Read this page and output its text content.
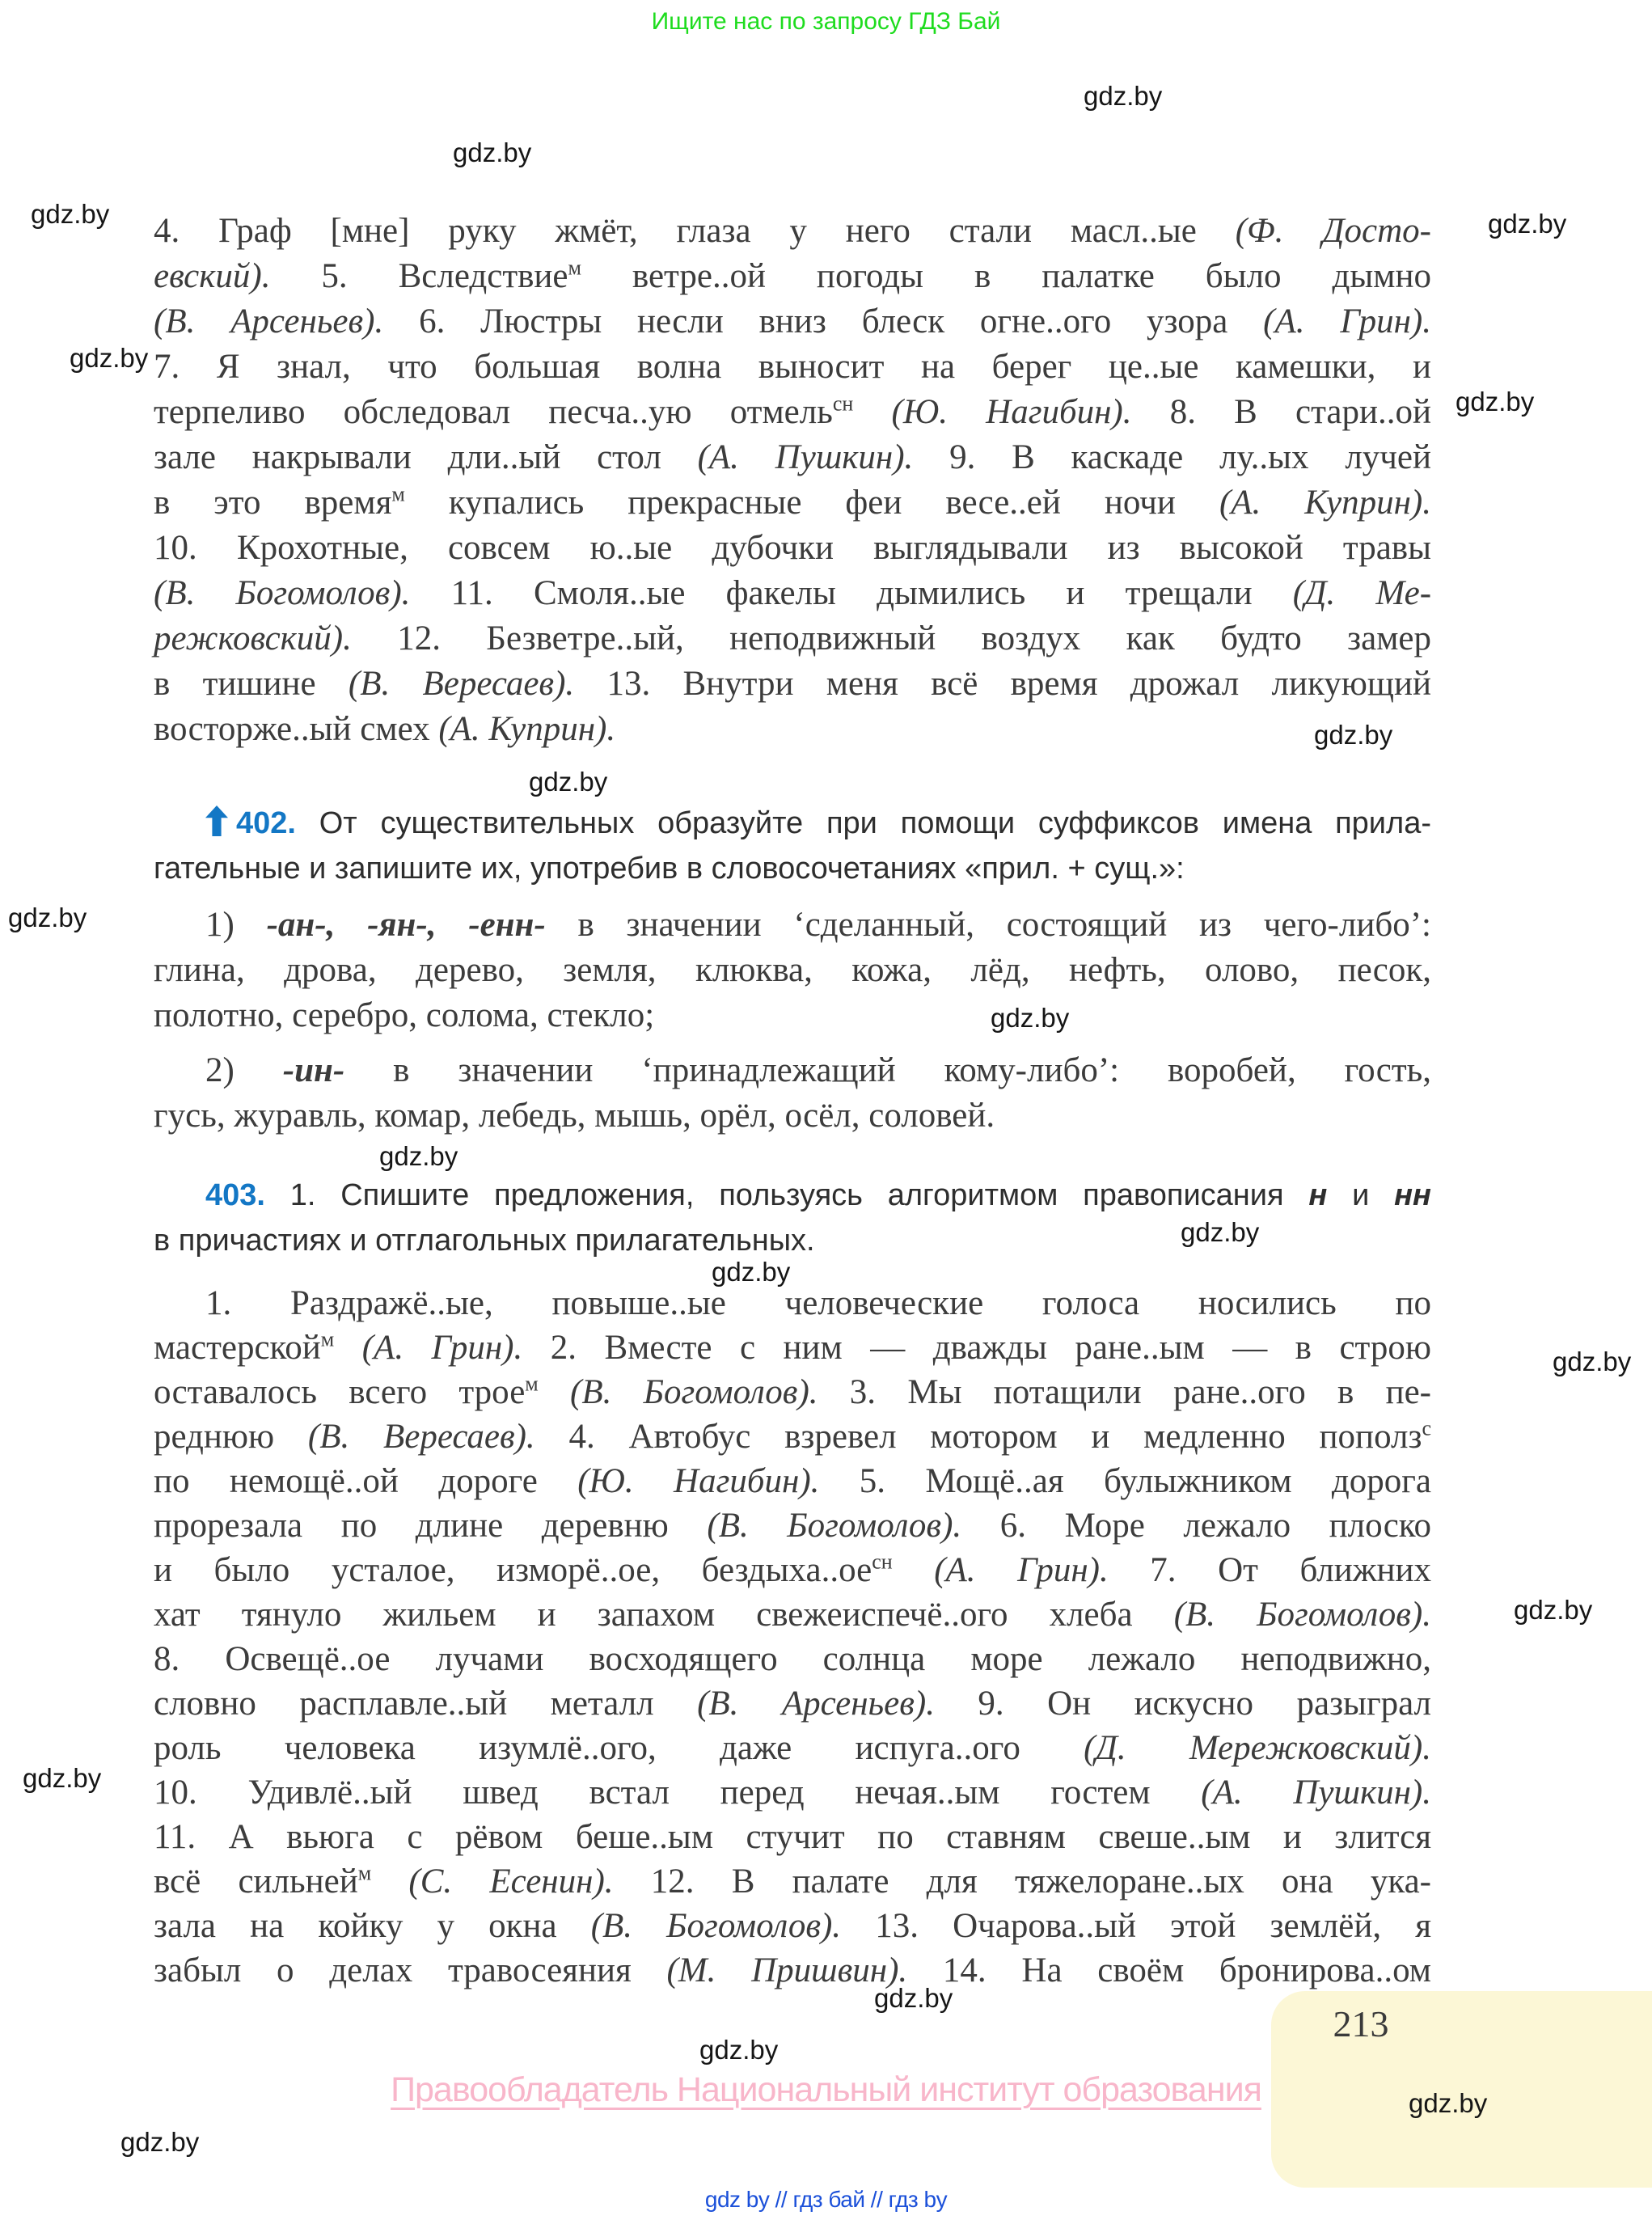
Ищите нас по запросу ГДЗ Бай
4. Граф [мне] руку жмёт, глаза у него стали масл..ые (Ф. Досто-
евский). 5. Вследствие$^м$ ветре..ой погоды в палатке было дымно
(В. Арсеньев). 6. Люстры несли вниз блеск огне..ого узора (А. Грин).
7. Я знал, что большая волна выносит на берег це..ые камешки, и
терпеливо обследовал песча..ую отмель$^{сн}$ (Ю. Нагибин). 8. В стари..ой
зале накрывали дли..ый стол (А. Пушкин). 9. В каскаде лу..ых лучей
в это время$^м$ купались прекрасные феи весе..ей ночи (А. Куприн).
10. Крохотные, совсем ю..ые дубочки выглядывали из высокой травы
(В. Богомолов). 11. Смоля..ые факелы дымились и трещали (Д. Ме-
режковский). 12. Безветре..ый, неподвижный воздух как будто замер
в тишине (В. Вересаев). 13. Внутри меня всё время дрожал ликующий
восторже..ый смех (А. Куприн).
402. От существительных образуйте при помощи суффиксов имена прила-
гательные и запишите их, употребив в словосочетаниях «прил. + сущ.»:
1) -ан-, -ян-, -енн- в значении ‘сделанный, состоящий из чего-либо’:
глина, дрова, дерево, земля, клюква, кожа, лёд, нефть, олово, песок,
полотно, серебро, солома, стекло;
2) -ин- в значении ‘принадлежащий кому-либо’: воробей, гость,
гусь, журавль, комар, лебедь, мышь, орёл, осёл, соловей.
403. 1. Спишите предложения, пользуясь алгоритмом правописания н и нн
в причастиях и отглагольных прилагательных.
1. Раздражё..ые, повыше..ые человеческие голоса носились по
мастерской$^м$ (А. Грин). 2. Вместе с ним — дважды ране..ым — в строю
оставалось всего трое$^м$ (В. Богомолов). 3. Мы потащили ране..ого в пе-
реднюю (В. Вересаев). 4. Автобус взревел мотором и медленно пополз$^с$
по немощё..ой дороге (Ю. Нагибин). 5. Мощё..ая булыжником дорога
прорезала по длине деревню (В. Богомолов). 6. Море лежало плоско
и было усталое, изморё..ое, $бездыха..ое^{сн}$ (А. Грин). 7. От ближних
хат тянуло жильем и запахом свежеиспечё..ого хлеба (В. Богомолов).
8. Освещё..ое лучами восходящего солнца море лежало неподвижно,
словно расплавле..ый металл (В. Арсеньев). 9. Он искусно разыграл
роль человека изумлё..ого, даже испуга..ого (Д. Мережковский).
10. Удивлё..ый швед встал перед нечая..ым гостем (А. Пушкин).
11. А вьюга с рёвом беше..ым стучит по ставням свеше..ым и злится
всё сильней$^м$ (С. Есенин). 12. В палате для тяжелоране..ых она ука-
зала на койку у окна (В. Богомолов). 13. Очарова..ый этой землёй, я
забыл о делах травосеяния (М. Пришвин). 14. На своём бронирова..ом
213
Правообладатель Национальный институт образования
gdz by // гдз бай // гдз by
gdz.by
gdz.by
gdz.by	gdz.by
gdz.by
gdz.by
gdz.by
gdz.by
gdz.by
gdz.by
gdz.by
gdz.by
gdz.by
gdz.by
gdz.by
gdz.by
gdz.by
gdz.by
gdz.by
gdz.by
